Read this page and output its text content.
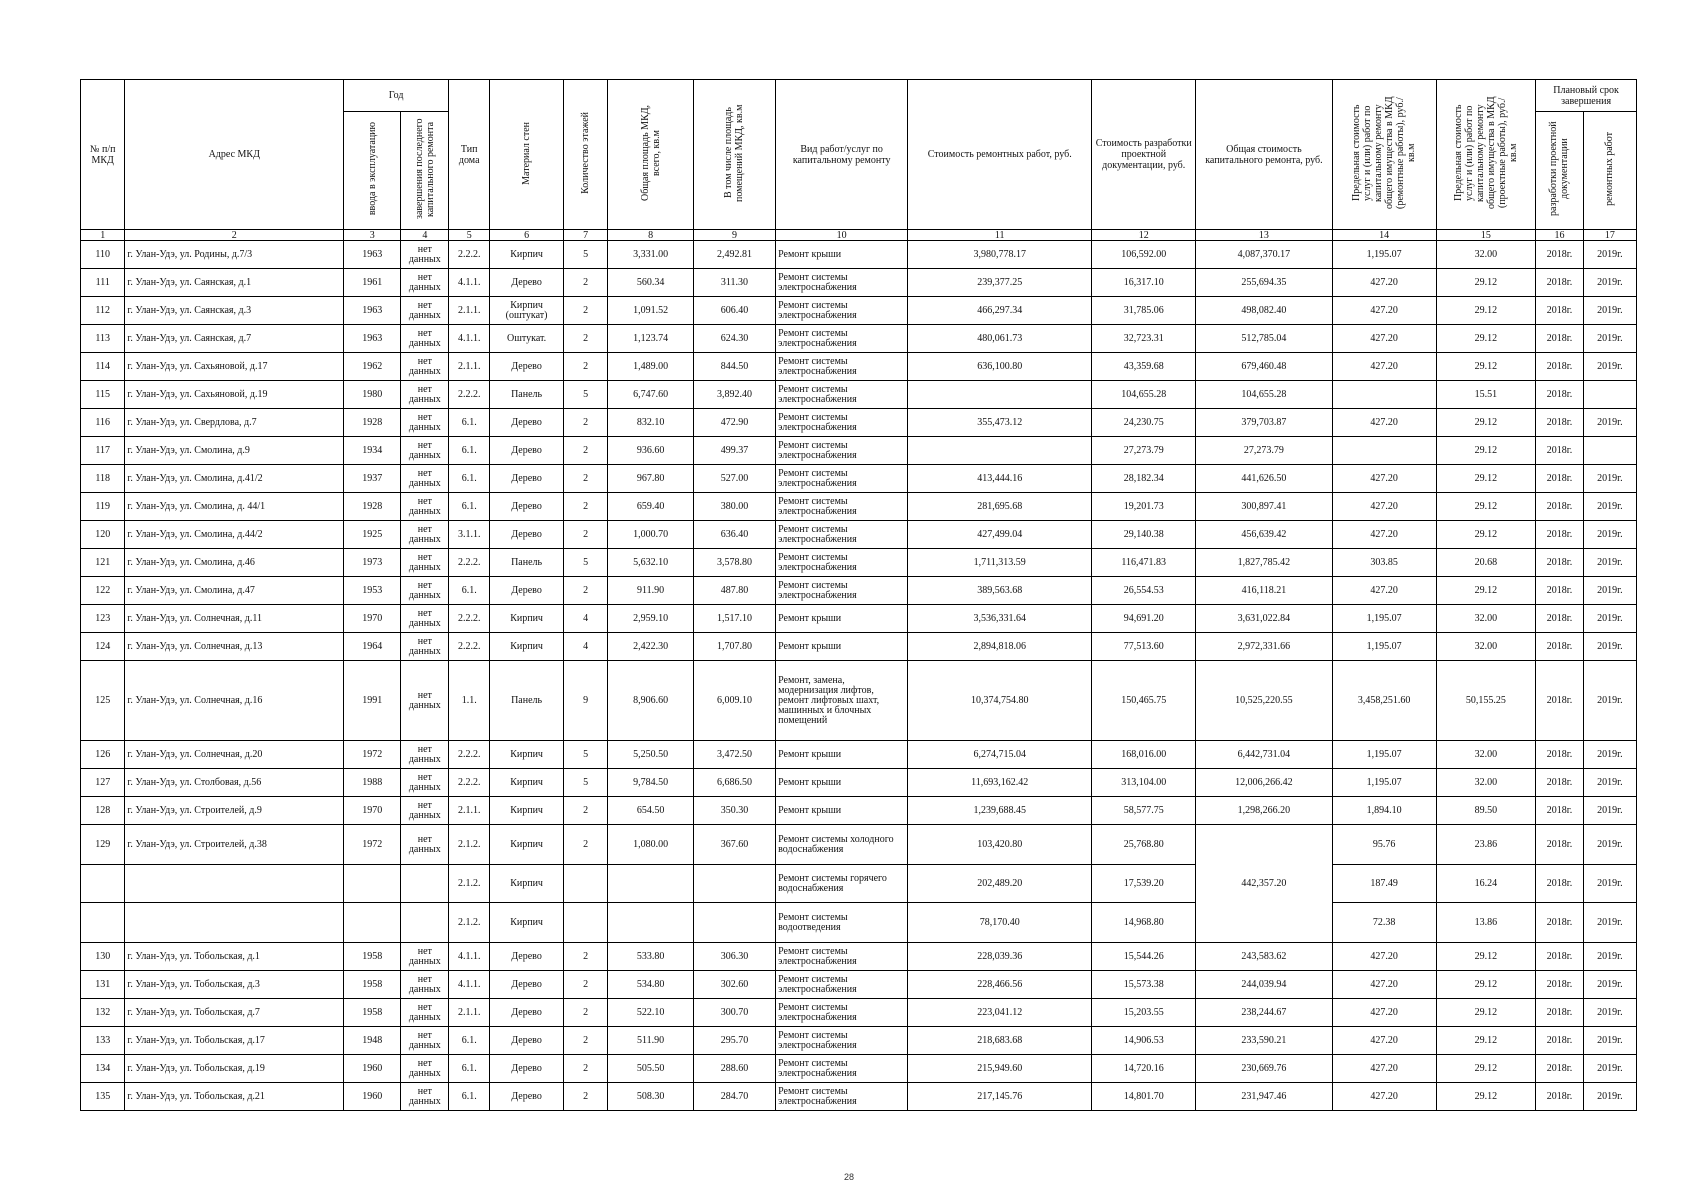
№ п/п МКД	Адрес МКД	Год		Тип дома	Материал стен	Количество этажей	Общая площадь МКД, всего, кв.м	В том числе площадь помещений МКД, кв.м	Вид работ/услуг по капитальному ремонту	Стоимость ремонтных работ, руб.	Стоимость разработки проектной документации, руб.	Общая стоимость капитального ремонта, руб.	Предельная стоимость услуг и (или) работ по капитальному ремонту общего имущества в МКД (ремонтные работы), руб./кв.м	Предельная стоимость услуг и (или) работ по капитальному ремонту общего имущества в МКД (проектные работы), руб./кв.м	Плановый срок завершения	
		ввода в эксплуатацию	завершения последнего капитального ремонта												разработки проектной документации	ремонтных работ
1	2	3	4	5	6	7	8	9	10	11	12	13	14	15	16	17
110	г. Улан-Удэ, ул. Родины, д.7/3	1963	нет данных	2.2.2.	Кирпич	5	3,331.00	2,492.81	Ремонт крыши	3,980,778.17	106,592.00	4,087,370.17	1,195.07	32.00	2018г.	2019г.
111	г. Улан-Удэ, ул. Саянская, д.1	1961	нет данных	4.1.1.	Дерево	2	560.34	311.30	Ремонт системы электроснабжения	239,377.25	16,317.10	255,694.35	427.20	29.12	2018г.	2019г.
112	г. Улан-Удэ, ул. Саянская, д.3	1963	нет данных	2.1.1.	Кирпич (оштукат)	2	1,091.52	606.40	Ремонт системы электроснабжения	466,297.34	31,785.06	498,082.40	427.20	29.12	2018г.	2019г.
113	г. Улан-Удэ, ул. Саянская, д.7	1963	нет данных	4.1.1.	Оштукат.	2	1,123.74	624.30	Ремонт системы электроснабжения	480,061.73	32,723.31	512,785.04	427.20	29.12	2018г.	2019г.
114	г. Улан-Удэ, ул. Сахьяновой, д.17	1962	нет данных	2.1.1.	Дерево	2	1,489.00	844.50	Ремонт системы электроснабжения	636,100.80	43,359.68	679,460.48	427.20	29.12	2018г.	2019г.
115	г. Улан-Удэ, ул. Сахьяновой, д.19	1980	нет данных	2.2.2.	Панель	5	6,747.60	3,892.40	Ремонт системы электроснабжения		104,655.28	104,655.28		15.51	2018г.	
116	г. Улан-Удэ, ул. Свердлова, д.7	1928	нет данных	6.1.	Дерево	2	832.10	472.90	Ремонт системы электроснабжения	355,473.12	24,230.75	379,703.87	427.20	29.12	2018г.	2019г.
117	г. Улан-Удэ, ул. Смолина, д.9	1934	нет данных	6.1.	Дерево	2	936.60	499.37	Ремонт системы электроснабжения		27,273.79	27,273.79		29.12	2018г.	
118	г. Улан-Удэ, ул. Смолина, д.41/2	1937	нет данных	6.1.	Дерево	2	967.80	527.00	Ремонт системы электроснабжения	413,444.16	28,182.34	441,626.50	427.20	29.12	2018г.	2019г.
119	г. Улан-Удэ, ул. Смолина, д. 44/1	1928	нет данных	6.1.	Дерево	2	659.40	380.00	Ремонт системы электроснабжения	281,695.68	19,201.73	300,897.41	427.20	29.12	2018г.	2019г.
120	г. Улан-Удэ, ул. Смолина, д.44/2	1925	нет данных	3.1.1.	Дерево	2	1,000.70	636.40	Ремонт системы электроснабжения	427,499.04	29,140.38	456,639.42	427.20	29.12	2018г.	2019г.
121	г. Улан-Удэ, ул. Смолина, д.46	1973	нет данных	2.2.2.	Панель	5	5,632.10	3,578.80	Ремонт системы электроснабжения	1,711,313.59	116,471.83	1,827,785.42	303.85	20.68	2018г.	2019г.
122	г. Улан-Удэ, ул. Смолина, д.47	1953	нет данных	6.1.	Дерево	2	911.90	487.80	Ремонт системы электроснабжения	389,563.68	26,554.53	416,118.21	427.20	29.12	2018г.	2019г.
123	г. Улан-Удэ, ул. Солнечная, д.11	1970	нет данных	2.2.2.	Кирпич	4	2,959.10	1,517.10	Ремонт крыши	3,536,331.64	94,691.20	3,631,022.84	1,195.07	32.00	2018г.	2019г.
124	г. Улан-Удэ, ул. Солнечная, д.13	1964	нет данных	2.2.2.	Кирпич	4	2,422.30	1,707.80	Ремонт крыши	2,894,818.06	77,513.60	2,972,331.66	1,195.07	32.00	2018г.	2019г.
125	г. Улан-Удэ, ул. Солнечная, д.16	1991	нет данных	1.1.	Панель	9	8,906.60	6,009.10	Ремонт, замена, модернизация лифтов, ремонт лифтовых шахт, машинных и блочных помещений	10,374,754.80	150,465.75	10,525,220.55	3,458,251.60	50,155.25	2018г.	2019г.
126	г. Улан-Удэ, ул. Солнечная, д.20	1972	нет данных	2.2.2.	Кирпич	5	5,250.50	3,472.50	Ремонт крыши	6,274,715.04	168,016.00	6,442,731.04	1,195.07	32.00	2018г.	2019г.
127	г. Улан-Удэ, ул. Столбовая, д.56	1988	нет данных	2.2.2.	Кирпич	5	9,784.50	6,686.50	Ремонт крыши	11,693,162.42	313,104.00	12,006,266.42	1,195.07	32.00	2018г.	2019г.
128	г. Улан-Удэ, ул. Строителей, д.9	1970	нет данных	2.1.1.	Кирпич	2	654.50	350.30	Ремонт крыши	1,239,688.45	58,577.75	1,298,266.20	1,894.10	89.50	2018г.	2019г.
129	г. Улан-Удэ, ул. Строителей, д.38	1972	нет данных	2.1.2.	Кирпич	2	1,080.00	367.60	Ремонт системы холодного водоснабжения	103,420.80	25,768.80	442,357.20	95.76	23.86	2018г.	2019г.
				2.1.2.	Кирпич				Ремонт системы горячего водоснабжения	202,489.20	17,539.20		187.49	16.24	2018г.	2019г.
				2.1.2.	Кирпич				Ремонт системы водоотведения	78,170.40	14,968.80		72.38	13.86	2018г.	2019г.
130	г. Улан-Удэ, ул. Тобольская, д.1	1958	нет данных	4.1.1.	Дерево	2	533.80	306.30	Ремонт системы электроснабжения	228,039.36	15,544.26	243,583.62	427.20	29.12	2018г.	2019г.
131	г. Улан-Удэ, ул. Тобольская, д.3	1958	нет данных	4.1.1.	Дерево	2	534.80	302.60	Ремонт системы электроснабжения	228,466.56	15,573.38	244,039.94	427.20	29.12	2018г.	2019г.
132	г. Улан-Удэ, ул. Тобольская, д.7	1958	нет данных	2.1.1.	Дерево	2	522.10	300.70	Ремонт системы электроснабжения	223,041.12	15,203.55	238,244.67	427.20	29.12	2018г.	2019г.
133	г. Улан-Удэ, ул. Тобольская, д.17	1948	нет данных	6.1.	Дерево	2	511.90	295.70	Ремонт системы электроснабжения	218,683.68	14,906.53	233,590.21	427.20	29.12	2018г.	2019г.
134	г. Улан-Удэ, ул. Тобольская, д.19	1960	нет данных	6.1.	Дерево	2	505.50	288.60	Ремонт системы электроснабжения	215,949.60	14,720.16	230,669.76	427.20	29.12	2018г.	2019г.
135	г. Улан-Удэ, ул. Тобольская, д.21	1960	нет данных	6.1.	Дерево	2	508.30	284.70	Ремонт системы электроснабжения	217,145.76	14,801.70	231,947.46	427.20	29.12	2018г.	2019г.
28
